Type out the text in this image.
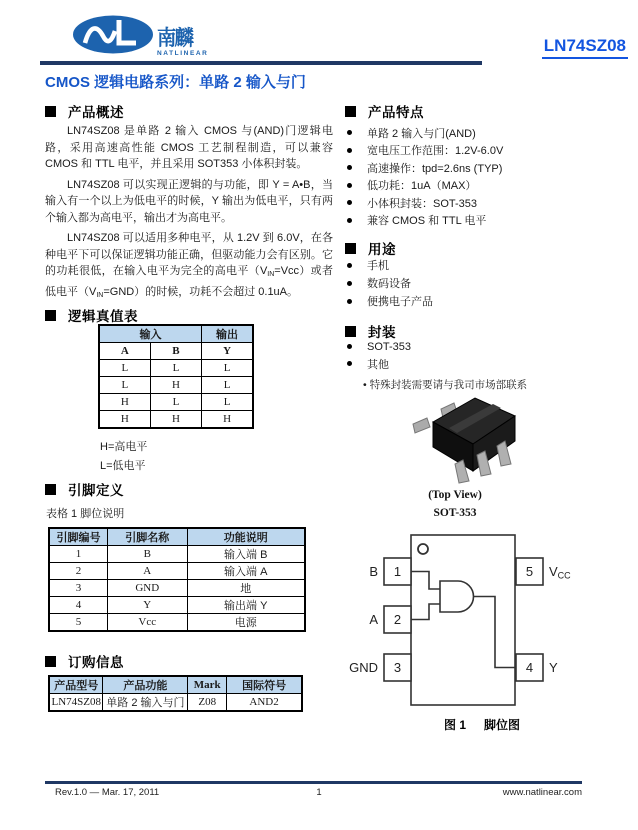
南麟
NATLINEAR	LN74SZ08
CMOS 逻辑电路系列：单路 2 输入与门
产品概述

LN74SZ08 是单路 2 输入 CMOS 与(AND)门逻辑电路，采用高速高性能 CMOS 工艺制程制造，可以兼容 CMOS 和 TTL 电平，并且采用 SOT353 小体积封装。

LN74SZ08 可以实现正逻辑的与功能，即 Y = A•B，当输入有一个以上为低电平的时候，Y 输出为低电平，只有两个输入都为高电平，输出才为高电平。

LN74SZ08 可以适用多种电平，从 1.2V 到 6.0V，在各种电平下可以保证逻辑功能正确，但驱动能力会有区别。它的功耗很低，在输入电平为完全的高电平$(V_{IN}=Vcc)$或者低电平$(V_{IN}=GND)$的时候，功耗不会超过 0.1uA。

逻辑真值表
输入		输出
A	B	Y
L	L	L
L	H	L
H	L	L
H	H	H
H=高电平
L=低电平
引脚定义
表格 1 脚位说明
引脚编号	引脚名称	功能说明
1	B	输入端 B
2	A	输入端 A
3	GND	地
4	Y	输出端 Y
5	Vcc	电源
订购信息
产品型号	产品功能	Mark	国际符号
LN74SZ08	单路 2 输入与门	Z08	AND2
产品特点
单路 2 输入与门(AND)
宽电压工作范围：1.2V-6.0V
高速操作：tpd=2.6ns (TYP)
低功耗：1uA（MAX）
小体积封装：SOT-353
兼容 CMOS 和 TTL 电平
用途
手机
数码设备
便携电子产品
封装
SOT-353
其他
• 特殊封装需要请与我司市场部联系
(Top View)
SOT-353
1
2
3
5
4
B
A
GND
VCC
Y
图 1 脚位图
Rev.1.0 — Mar. 17, 2011	1	www.natlinear.com
